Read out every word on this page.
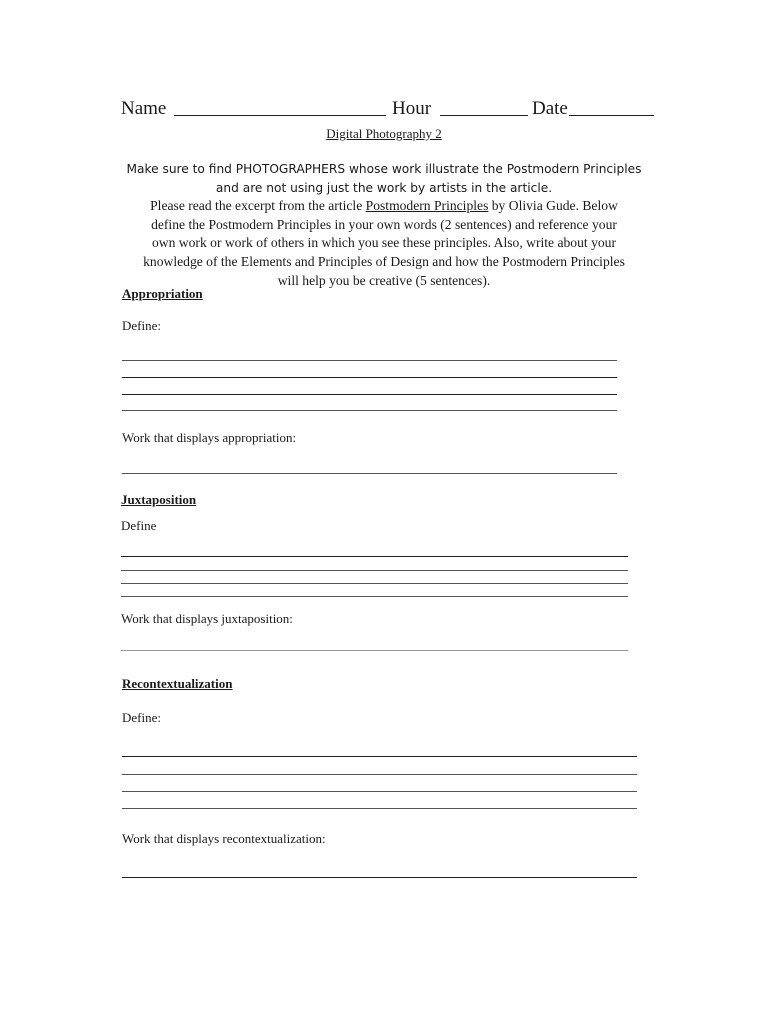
Name	Hour	Date
Digital Photography 2
Make sure to find PHOTOGRAPHERS whose work illustrate the Postmodern Principles
and are not using just the work by artists in the article.
Please read the excerpt from the article Postmodern Principles by Olivia Gude. Below
define the Postmodern Principles in your own words (2 sentences) and reference your
own work or work of others in which you see these principles. Also, write about your
knowledge of the Elements and Principles of Design and how the Postmodern Principles
will help you be creative (5 sentences).
Appropriation
Define:
Work that displays appropriation:
Juxtaposition
Define
Work that displays juxtaposition:
Recontextualization
Define:
Work that displays recontextualization:
